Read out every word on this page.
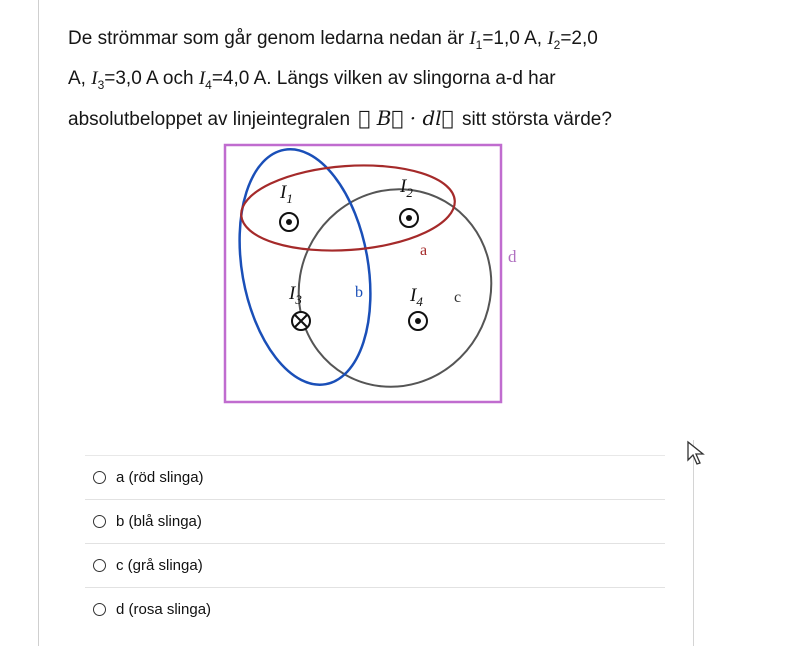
De strömmar som går genom ledarna nedan är $I_1=1,0$ A, $I_2=2,0$
A, $I_3=3,0$ A och $I_4=4,0$ A. Längs vilken av slingorna a-d har
absolutbeloppet av linjeintegralen ∮ B⃗ · dl⃗ sitt största värde?
$I_1$
$I_2$
$I_3$	$I_4$
a
b	c
d
a (röd slinga)
b (blå slinga)
c (grå slinga)
d (rosa slinga)
